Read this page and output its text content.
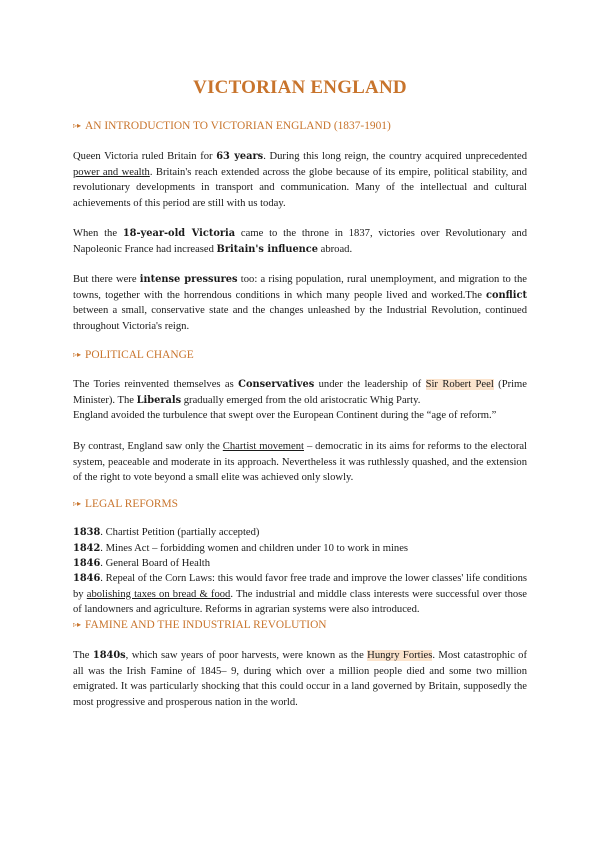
VICTORIAN ENGLAND
▹▸ AN INTRODUCTION TO VICTORIAN ENGLAND (1837-1901)

Queen Victoria ruled Britain for 63 years. During this long reign, the country acquired unprecedented power and wealth. Britain's reach extended across the globe because of its empire, political stability, and revolutionary developments in transport and communication. Many of the intellectual and cultural achievements of this period are still with us today.

When the 18-year-old Victoria came to the throne in 1837, victories over Revolutionary and Napoleonic France had increased Britain's influence abroad.

But there were intense pressures too: a rising population, rural unemployment, and migration to the towns, together with the horrendous conditions in which many people lived and worked.The conflict between a small, conservative state and the changes unleashed by the Industrial Revolution, continued throughout Victoria's reign.

▹▸ POLITICAL CHANGE

The Tories reinvented themselves as Conservatives under the leadership of Sir Robert Peel (Prime Minister). The Liberals gradually emerged from the old aristocratic Whig Party.

England avoided the turbulence that swept over the European Continent during the “age of reform.”

By contrast, England saw only the Chartist movement – democratic in its aims for reforms to the electoral system, peaceable and moderate in its approach. Nevertheless it was ruthlessly quashed, and the extension of the right to vote beyond a small elite was achieved only slowly.

▹▸ LEGAL REFORMS

1838. Chartist Petition (partially accepted)
1842. Mines Act – forbidding women and children under 10 to work in mines
1846. General Board of Health

1846. Repeal of the Corn Laws: this would favor free trade and improve the lower classes' life conditions by abolishing taxes on bread & food. The industrial and middle class interests were successful over those of landowners and agriculture. Reforms in agrarian systems were also introduced.

▹▸ FAMINE AND THE INDUSTRIAL REVOLUTION

The 1840s, which saw years of poor harvests, were known as the Hungry Forties. Most catastrophic of all was the Irish Famine of 1845– 9, during which over a million people died and some two million emigrated. It was particularly shocking that this could occur in a land governed by Britain, supposedly the most progressive and prosperous nation in the world.
